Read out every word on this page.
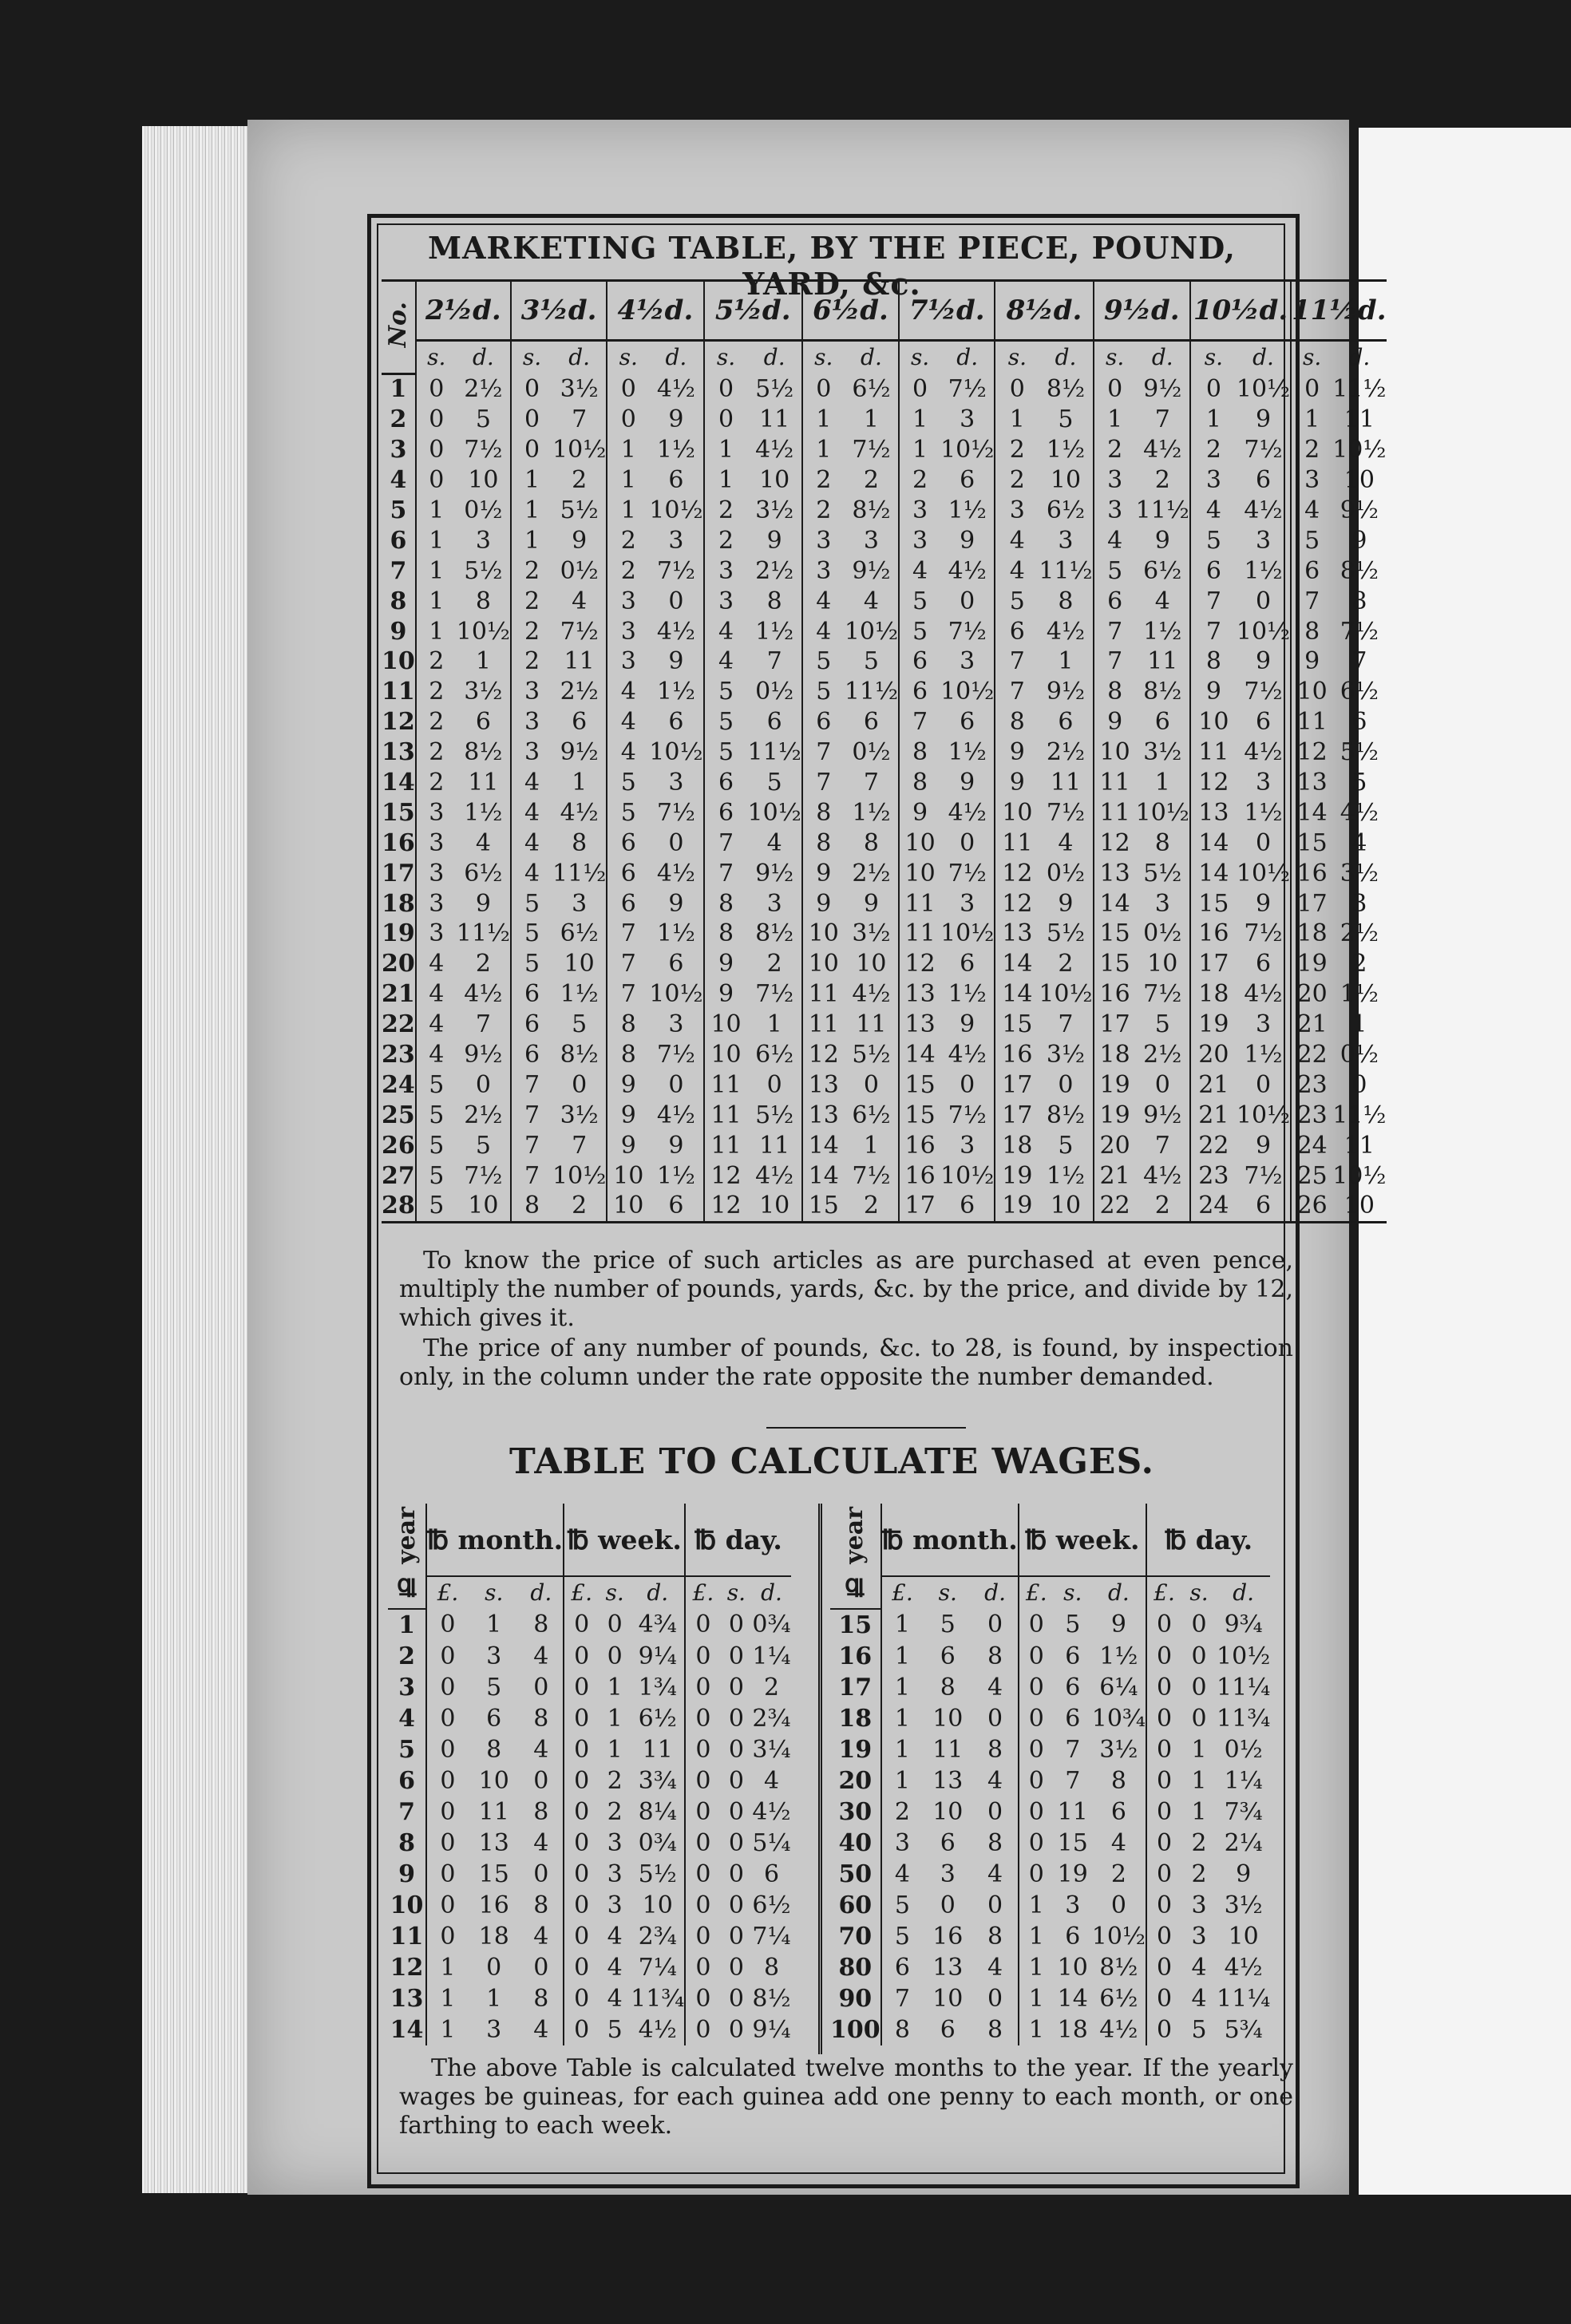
MARKETING TABLE, BY THE PIECE, POUND, YARD, &c.
No.	2½d.		3½d.		4½d.		5½d.		6½d.		7½d.		8½d.		9½d.		10½d.		11½d.	
	s.	d.	s.	d.	s.	d.	s.	d.	s.	d.	s.	d.	s.	d.	s.	d.	s.	d.	s.	d.
1	0	2½	0	3½	0	4½	0	5½	0	6½	0	7½	0	8½	0	9½	0	10½	0	11½
2	0	5	0	7	0	9	0	11	1	1	1	3	1	5	1	7	1	9	1	11
3	0	7½	0	10½	1	1½	1	4½	1	7½	1	10½	2	1½	2	4½	2	7½	2	10½
4	0	10	1	2	1	6	1	10	2	2	2	6	2	10	3	2	3	6	3	10
5	1	0½	1	5½	1	10½	2	3½	2	8½	3	1½	3	6½	3	11½	4	4½	4	9½
6	1	3	1	9	2	3	2	9	3	3	3	9	4	3	4	9	5	3	5	9
7	1	5½	2	0½	2	7½	3	2½	3	9½	4	4½	4	11½	5	6½	6	1½	6	8½
8	1	8	2	4	3	0	3	8	4	4	5	0	5	8	6	4	7	0	7	8
9	1	10½	2	7½	3	4½	4	1½	4	10½	5	7½	6	4½	7	1½	7	10½	8	7½
10	2	1	2	11	3	9	4	7	5	5	6	3	7	1	7	11	8	9	9	7
11	2	3½	3	2½	4	1½	5	0½	5	11½	6	10½	7	9½	8	8½	9	7½	10	6½
12	2	6	3	6	4	6	5	6	6	6	7	6	8	6	9	6	10	6	11	6
13	2	8½	3	9½	4	10½	5	11½	7	0½	8	1½	9	2½	10	3½	11	4½	12	5½
14	2	11	4	1	5	3	6	5	7	7	8	9	9	11	11	1	12	3	13	5
15	3	1½	4	4½	5	7½	6	10½	8	1½	9	4½	10	7½	11	10½	13	1½	14	4½
16	3	4	4	8	6	0	7	4	8	8	10	0	11	4	12	8	14	0	15	4
17	3	6½	4	11½	6	4½	7	9½	9	2½	10	7½	12	0½	13	5½	14	10½	16	3½
18	3	9	5	3	6	9	8	3	9	9	11	3	12	9	14	3	15	9	17	3
19	3	11½	5	6½	7	1½	8	8½	10	3½	11	10½	13	5½	15	0½	16	7½	18	2½
20	4	2	5	10	7	6	9	2	10	10	12	6	14	2	15	10	17	6	19	2
21	4	4½	6	1½	7	10½	9	7½	11	4½	13	1½	14	10½	16	7½	18	4½	20	1½
22	4	7	6	5	8	3	10	1	11	11	13	9	15	7	17	5	19	3	21	1
23	4	9½	6	8½	8	7½	10	6½	12	5½	14	4½	16	3½	18	2½	20	1½	22	0½
24	5	0	7	0	9	0	11	0	13	0	15	0	17	0	19	0	21	0	23	0
25	5	2½	7	3½	9	4½	11	5½	13	6½	15	7½	17	8½	19	9½	21	10½	23	11½
26	5	5	7	7	9	9	11	11	14	1	16	3	18	5	20	7	22	9	24	11
27	5	7½	7	10½	10	1½	12	4½	14	7½	16	10½	19	1½	21	4½	23	7½	25	10½
28	5	10	8	2	10	6	12	10	15	2	17	6	19	10	22	2	24	6	26	10
To know the price of such articles as are purchased at even pence, multiply the number of pounds, yards, &c. by the price, and divide by 12, which gives it.
The price of any number of pounds, &c. to 28, is found, by inspection only, in the column under the rate opposite the number demanded.
TABLE TO CALCULATE WAGES.
℔ year	℔ month.			℔ week.			℔ day.		
	£.	s.	d.	£.	s.	d.	£.	s.	d.
1	0	1	8	0	0	4¾	0	0	0¾
2	0	3	4	0	0	9¼	0	0	1¼
3	0	5	0	0	1	1¾	0	0	2
4	0	6	8	0	1	6½	0	0	2¾
5	0	8	4	0	1	11	0	0	3¼
6	0	10	0	0	2	3¾	0	0	4
7	0	11	8	0	2	8¼	0	0	4½
8	0	13	4	0	3	0¾	0	0	5¼
9	0	15	0	0	3	5½	0	0	6
10	0	16	8	0	3	10	0	0	6½
11	0	18	4	0	4	2¾	0	0	7¼
12	1	0	0	0	4	7¼	0	0	8
13	1	1	8	0	4	11¾	0	0	8½
14	1	3	4	0	5	4½	0	0	9¼
℔ year	℔ month.			℔ week.			℔ day.		
	£.	s.	d.	£.	s.	d.	£.	s.	d.
15	1	5	0	0	5	9	0	0	9¾
16	1	6	8	0	6	1½	0	0	10½
17	1	8	4	0	6	6¼	0	0	11¼
18	1	10	0	0	6	10¾	0	0	11¾
19	1	11	8	0	7	3½	0	1	0½
20	1	13	4	0	7	8	0	1	1¼
30	2	10	0	0	11	6	0	1	7¾
40	3	6	8	0	15	4	0	2	2¼
50	4	3	4	0	19	2	0	2	9
60	5	0	0	1	3	0	0	3	3½
70	5	16	8	1	6	10½	0	3	10
80	6	13	4	1	10	8½	0	4	4½
90	7	10	0	1	14	6½	0	4	11¼
100	8	6	8	1	18	4½	0	5	5¾
The above Table is calculated twelve months to the year. If the yearly wages be guineas, for each guinea add one penny to each month, or one farthing to each week.
